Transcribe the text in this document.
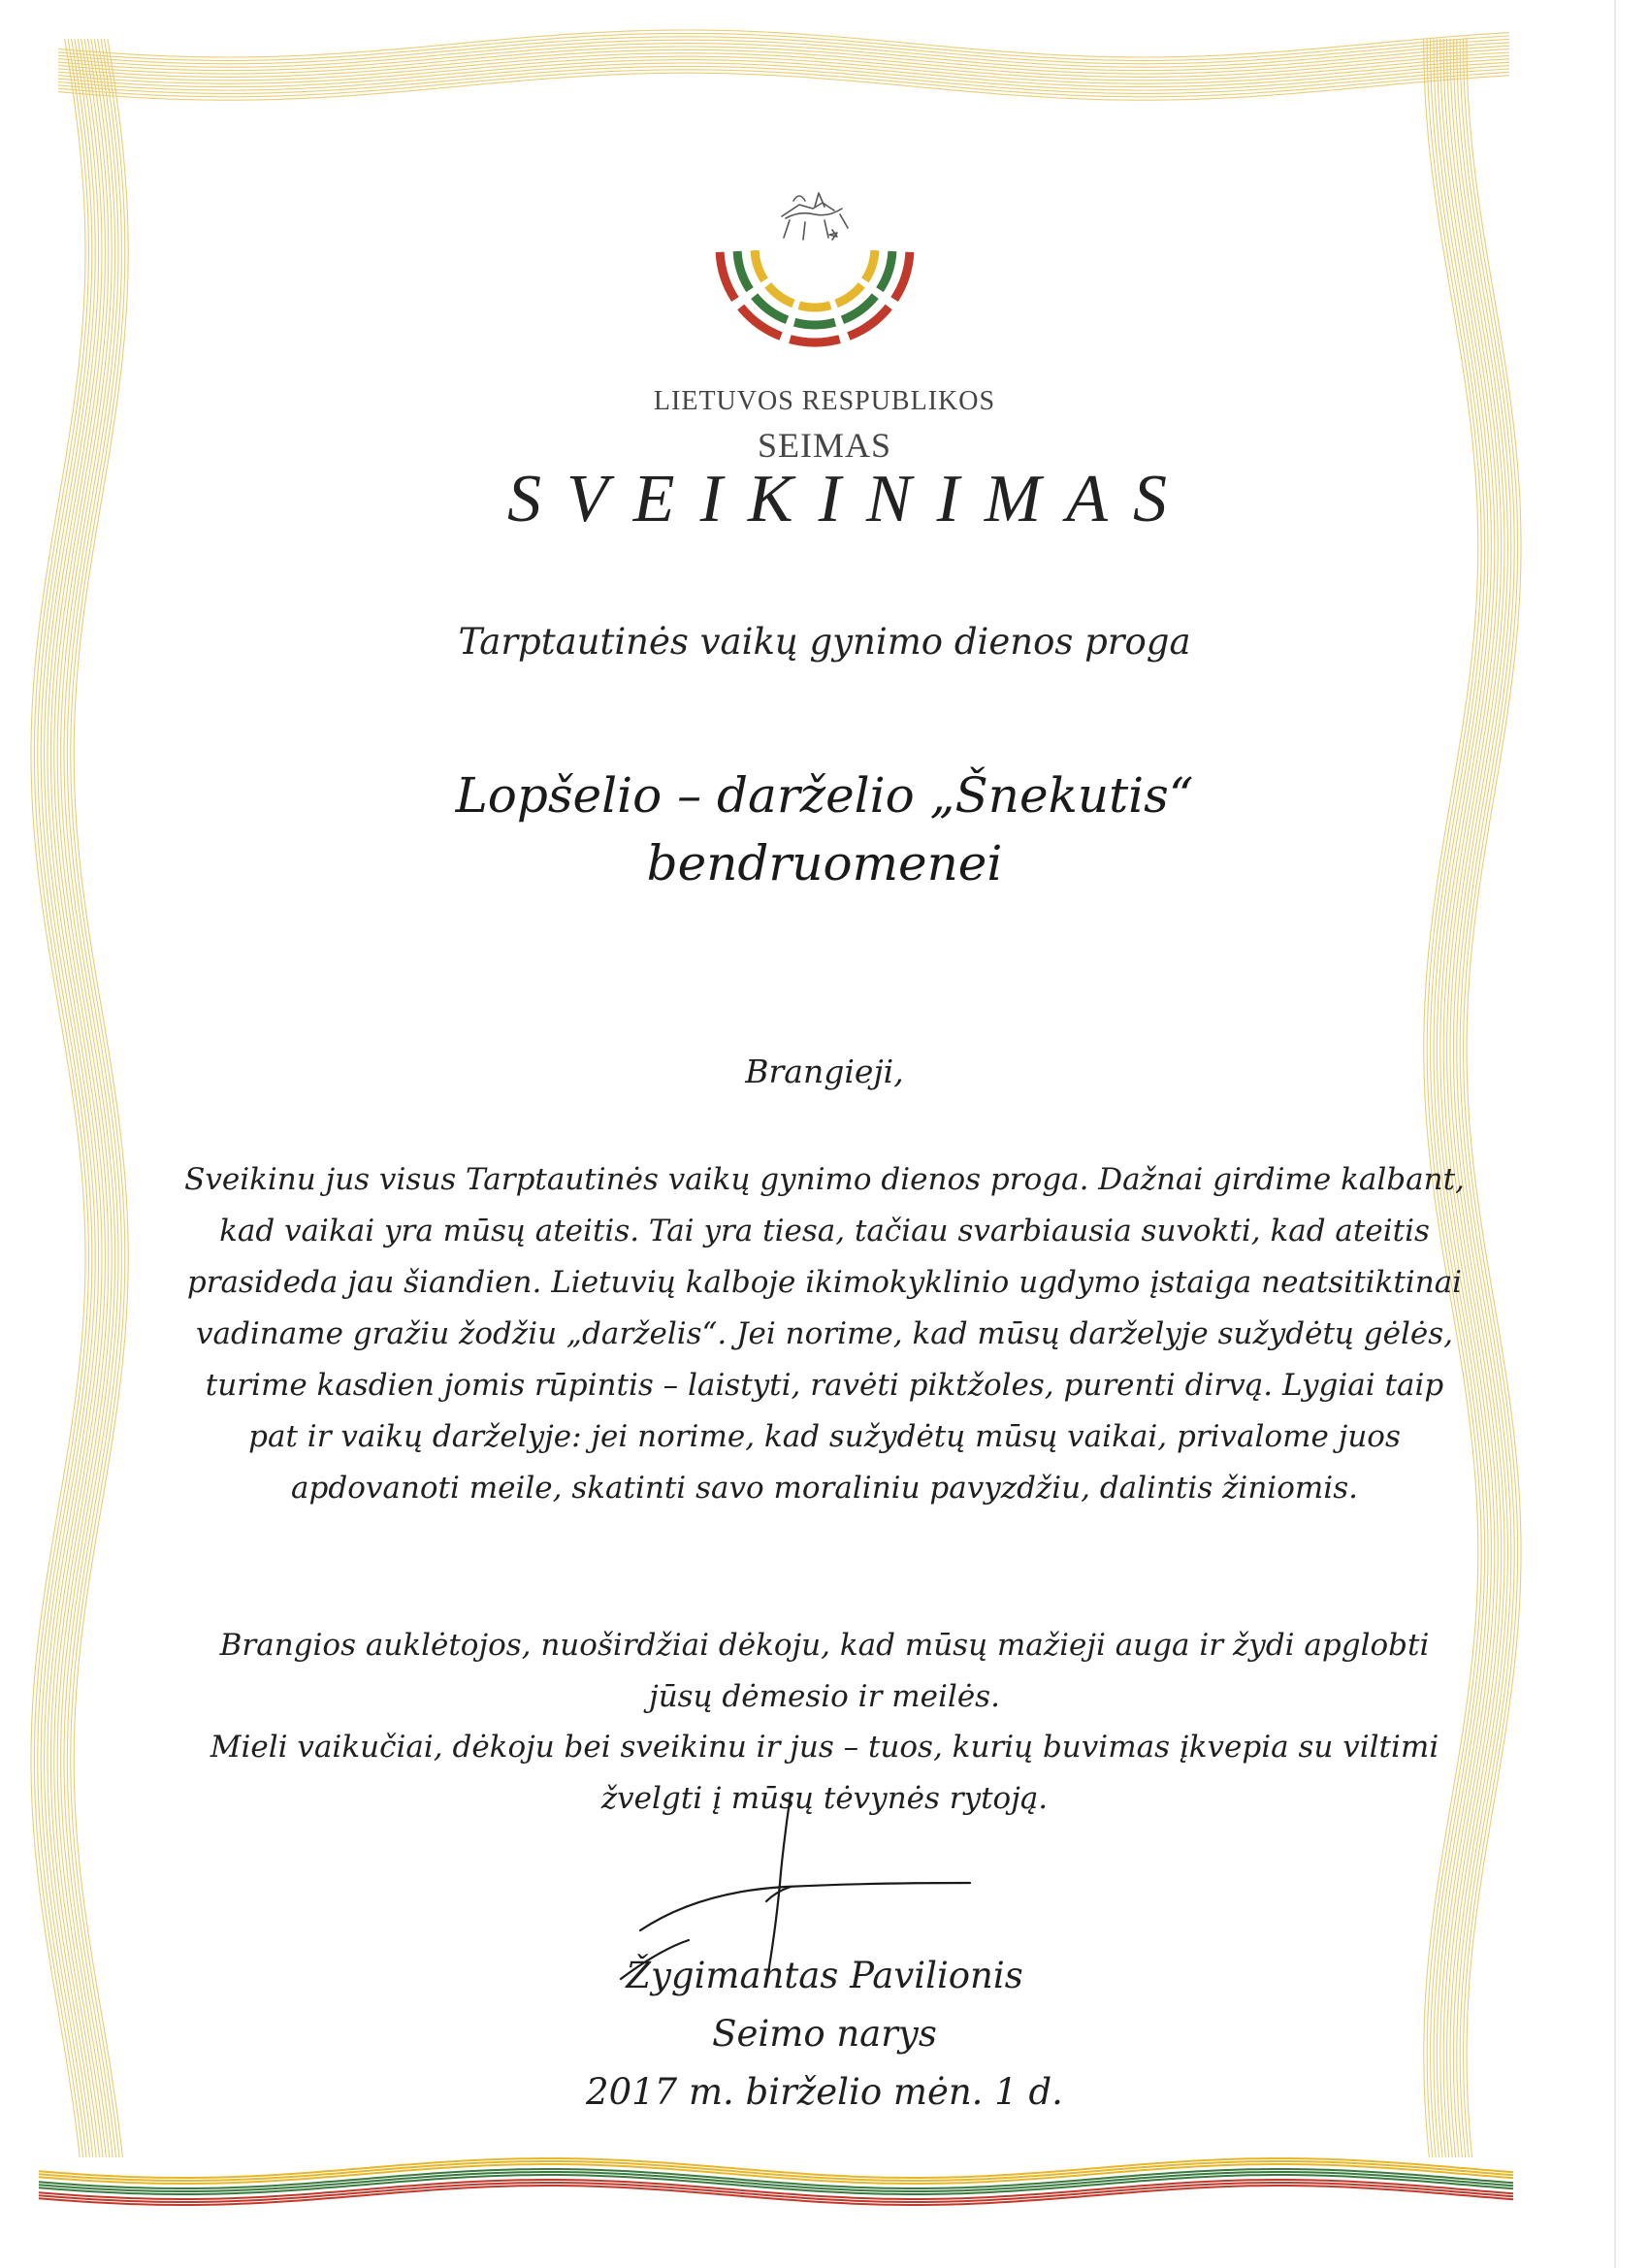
LIETUVOS RESPUBLIKOS
SEIMAS
SVEIKINIMAS
Tarptautinės vaikų gynimo dienos proga
Lopšelio – darželio „Šnekutis“
bendruomenei
Brangieji,
Sveikinu jus visus Tarptautinės vaikų gynimo dienos proga. Dažnai girdime kalbant, kad vaikai yra mūsų ateitis. Tai yra tiesa, tačiau svarbiausia suvokti, kad ateitis prasideda jau šiandien. Lietuvių kalboje ikimokyklinio ugdymo įstaiga neatsitiktinai vadiname gražiu žodžiu „darželis“. Jei norime, kad mūsų darželyje sužydėtų gėlės, turime kasdien jomis rūpintis – laistyti, ravėti piktžoles, purenti dirvą. Lygiai taip pat ir vaikų darželyje: jei norime, kad sužydėtų mūsų vaikai, privalome juos apdovanoti meile, skatinti savo moraliniu pavyzdžiu, dalintis žiniomis.
Brangios auklėtojos, nuoširdžiai dėkoju, kad mūsų mažieji auga ir žydi apglobti jūsų dėmesio ir meilės.
Mieli vaikučiai, dėkoju bei sveikinu ir jus – tuos, kurių buvimas įkvepia su viltimi žvelgti į mūsų tėvynės rytoją.
Žygimantas Pavilionis
Seimo narys
2017 m. birželio mėn. 1 d.
